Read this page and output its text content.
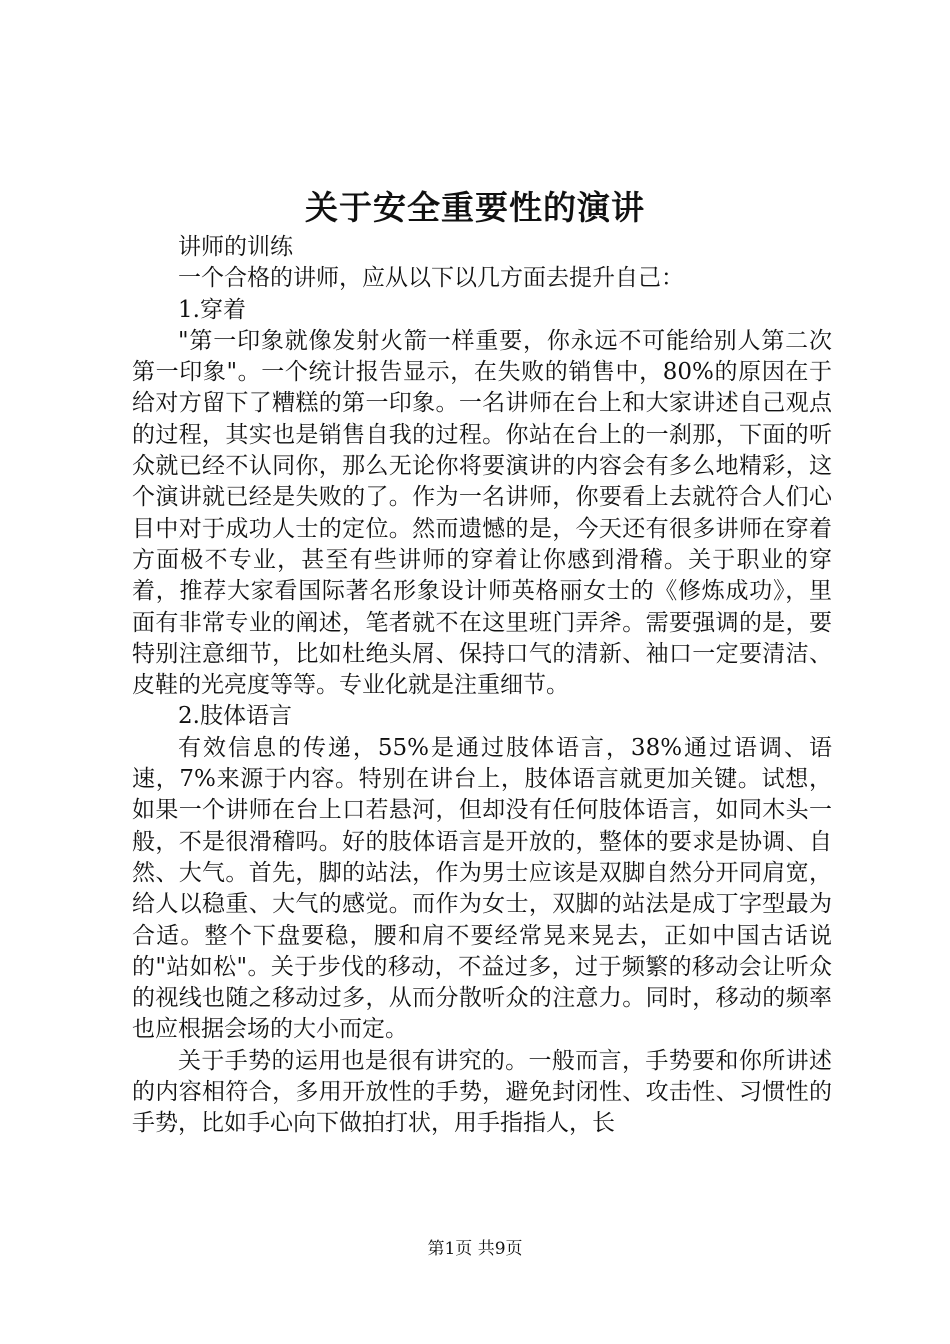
关于安全重要性的演讲

讲师的训练

一个合格的讲师，应从以下以几方面去提升自己：

1.穿着

"第一印象就像发射火箭一样重要，你永远不可能给别人第二次第一印象"。一个统计报告显示，在失败的销售中，80%的原因在于给对方留下了糟糕的第一印象。一名讲师在台上和大家讲述自己观点的过程，其实也是销售自我的过程。你站在台上的一刹那，下面的听众就已经不认同你，那么无论你将要演讲的内容会有多么地精彩，这个演讲就已经是失败的了。作为一名讲师，你要看上去就符合人们心目中对于成功人士的定位。然而遗憾的是，今天还有很多讲师在穿着方面极不专业，甚至有些讲师的穿着让你感到滑稽。关于职业的穿着，推荐大家看国际著名形象设计师英格丽女士的《修炼成功》，里面有非常专业的阐述，笔者就不在这里班门弄斧。需要强调的是，要特别注意细节，比如杜绝头屑、保持口气的清新、袖口一定要清洁、皮鞋的光亮度等等。专业化就是注重细节。

2.肢体语言

有效信息的传递，55%是通过肢体语言，38%通过语调、语速，7%来源于内容。特别在讲台上，肢体语言就更加关键。试想，如果一个讲师在台上口若悬河，但却没有任何肢体语言，如同木头一般，不是很滑稽吗。好的肢体语言是开放的，整体的要求是协调、自然、大气。首先，脚的站法，作为男士应该是双脚自然分开同肩宽，给人以稳重、大气的感觉。而作为女士，双脚的站法是成丁字型最为合适。整个下盘要稳，腰和肩不要经常晃来晃去，正如中国古话说的"站如松"。关于步伐的移动，不益过多，过于频繁的移动会让听众的视线也随之移动过多，从而分散听众的注意力。同时，移动的频率也应根据会场的大小而定。

关于手势的运用也是很有讲究的。一般而言，手势要和你所讲述的内容相符合，多用开放性的手势，避免封闭性、攻击性、习惯性的手势，比如手心向下做拍打状，用手指指人，长

第1页 共9页
